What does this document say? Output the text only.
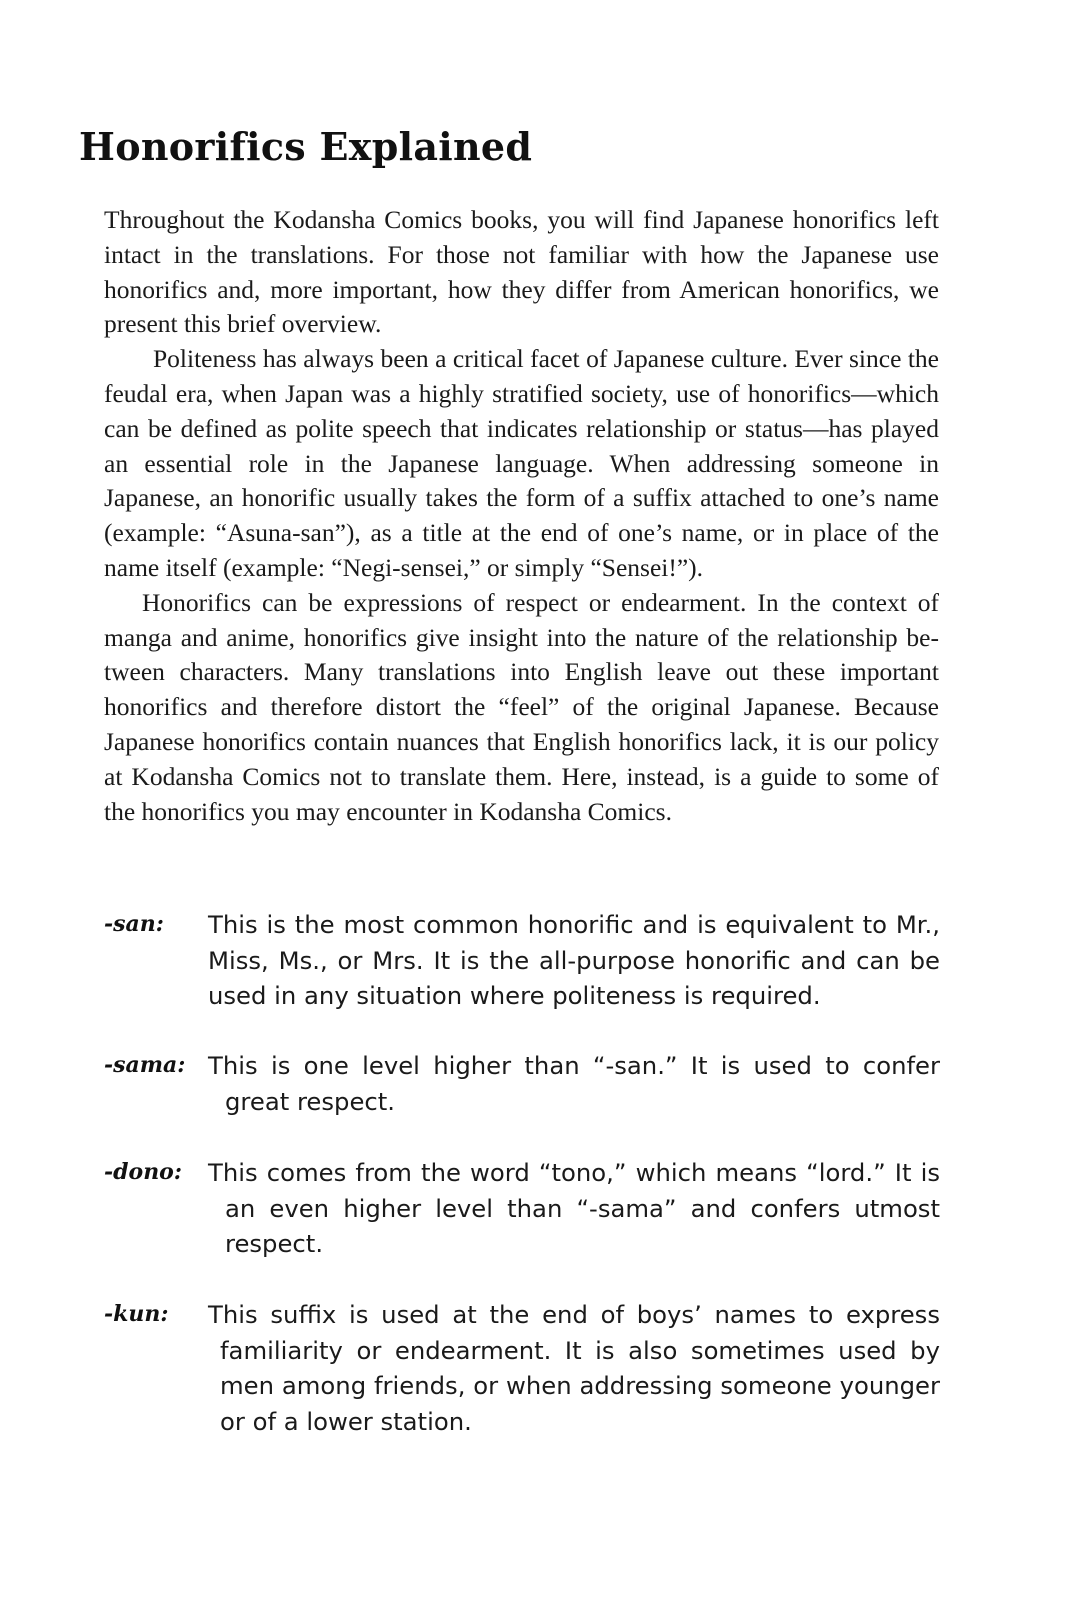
Honorifics Explained

Throughout the Kodansha Comics books, you will find Japanese honorifics left intact in the translations. For those not familiar with how the Japanese use honorifics and, more important, how they differ from American honorifics, we present this brief overview.

Politeness has always been a critical facet of Japanese culture. Ever since the feudal era, when Japan was a highly stratified society, use of honorifics—which can be defined as polite speech that indicates relationship or status—has played an essential role in the Japanese language. When addressing someone in Japanese, an honorific usually takes the form of a suffix attached to one’s name (example: “Asuna-san”), as a title at the end of one’s name, or in place of the name itself (example: “Negi-sensei,” or simply “Sensei!”).

Honorifics can be expressions of respect or endearment. In the context of manga and anime, honorifics give insight into the nature of the relationship between characters. Many translations into English leave out these important honorifics and therefore distort the “feel” of the original Japanese. Because Japanese honorifics contain nuances that English honorifics lack, it is our policy at Kodansha Comics not to translate them. Here, instead, is a guide to some of the honorifics you may encounter in Kodansha Comics.

-san: This is the most common honorific and is equivalent to Mr., Miss, Ms., or Mrs. It is the all-purpose honorific and can be used in any situation where politeness is required.

-sama: This is one level higher than “-san.” It is used to confer great respect.

-dono: This comes from the word “tono,” which means “lord.” It is an even higher level than “-sama” and confers utmost respect.

-kun: This suffix is used at the end of boys’ names to express familiarity or endearment. It is also sometimes used by men among friends, or when addressing someone younger or of a lower station.
